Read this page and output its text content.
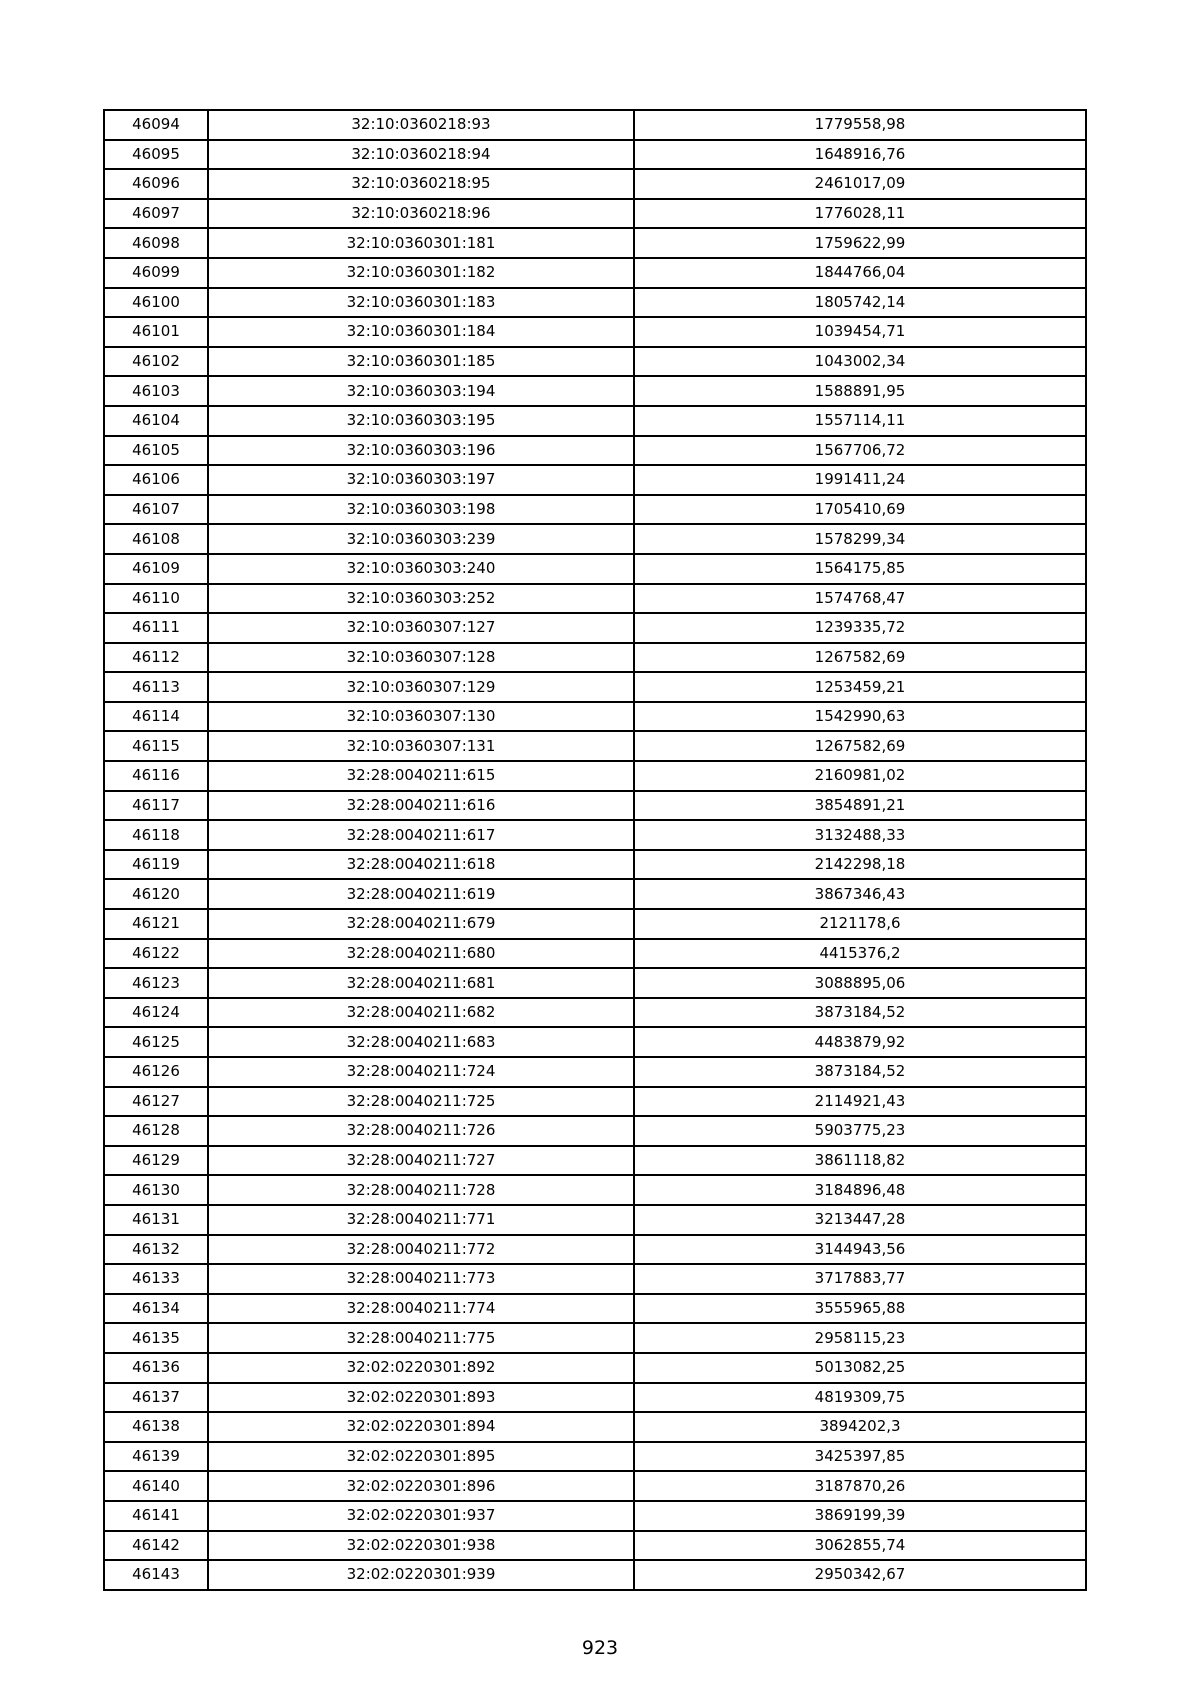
46094	32:10:0360218:93	1779558,98
46095	32:10:0360218:94	1648916,76
46096	32:10:0360218:95	2461017,09
46097	32:10:0360218:96	1776028,11
46098	32:10:0360301:181	1759622,99
46099	32:10:0360301:182	1844766,04
46100	32:10:0360301:183	1805742,14
46101	32:10:0360301:184	1039454,71
46102	32:10:0360301:185	1043002,34
46103	32:10:0360303:194	1588891,95
46104	32:10:0360303:195	1557114,11
46105	32:10:0360303:196	1567706,72
46106	32:10:0360303:197	1991411,24
46107	32:10:0360303:198	1705410,69
46108	32:10:0360303:239	1578299,34
46109	32:10:0360303:240	1564175,85
46110	32:10:0360303:252	1574768,47
46111	32:10:0360307:127	1239335,72
46112	32:10:0360307:128	1267582,69
46113	32:10:0360307:129	1253459,21
46114	32:10:0360307:130	1542990,63
46115	32:10:0360307:131	1267582,69
46116	32:28:0040211:615	2160981,02
46117	32:28:0040211:616	3854891,21
46118	32:28:0040211:617	3132488,33
46119	32:28:0040211:618	2142298,18
46120	32:28:0040211:619	3867346,43
46121	32:28:0040211:679	2121178,6
46122	32:28:0040211:680	4415376,2
46123	32:28:0040211:681	3088895,06
46124	32:28:0040211:682	3873184,52
46125	32:28:0040211:683	4483879,92
46126	32:28:0040211:724	3873184,52
46127	32:28:0040211:725	2114921,43
46128	32:28:0040211:726	5903775,23
46129	32:28:0040211:727	3861118,82
46130	32:28:0040211:728	3184896,48
46131	32:28:0040211:771	3213447,28
46132	32:28:0040211:772	3144943,56
46133	32:28:0040211:773	3717883,77
46134	32:28:0040211:774	3555965,88
46135	32:28:0040211:775	2958115,23
46136	32:02:0220301:892	5013082,25
46137	32:02:0220301:893	4819309,75
46138	32:02:0220301:894	3894202,3
46139	32:02:0220301:895	3425397,85
46140	32:02:0220301:896	3187870,26
46141	32:02:0220301:937	3869199,39
46142	32:02:0220301:938	3062855,74
46143	32:02:0220301:939	2950342,67
923
